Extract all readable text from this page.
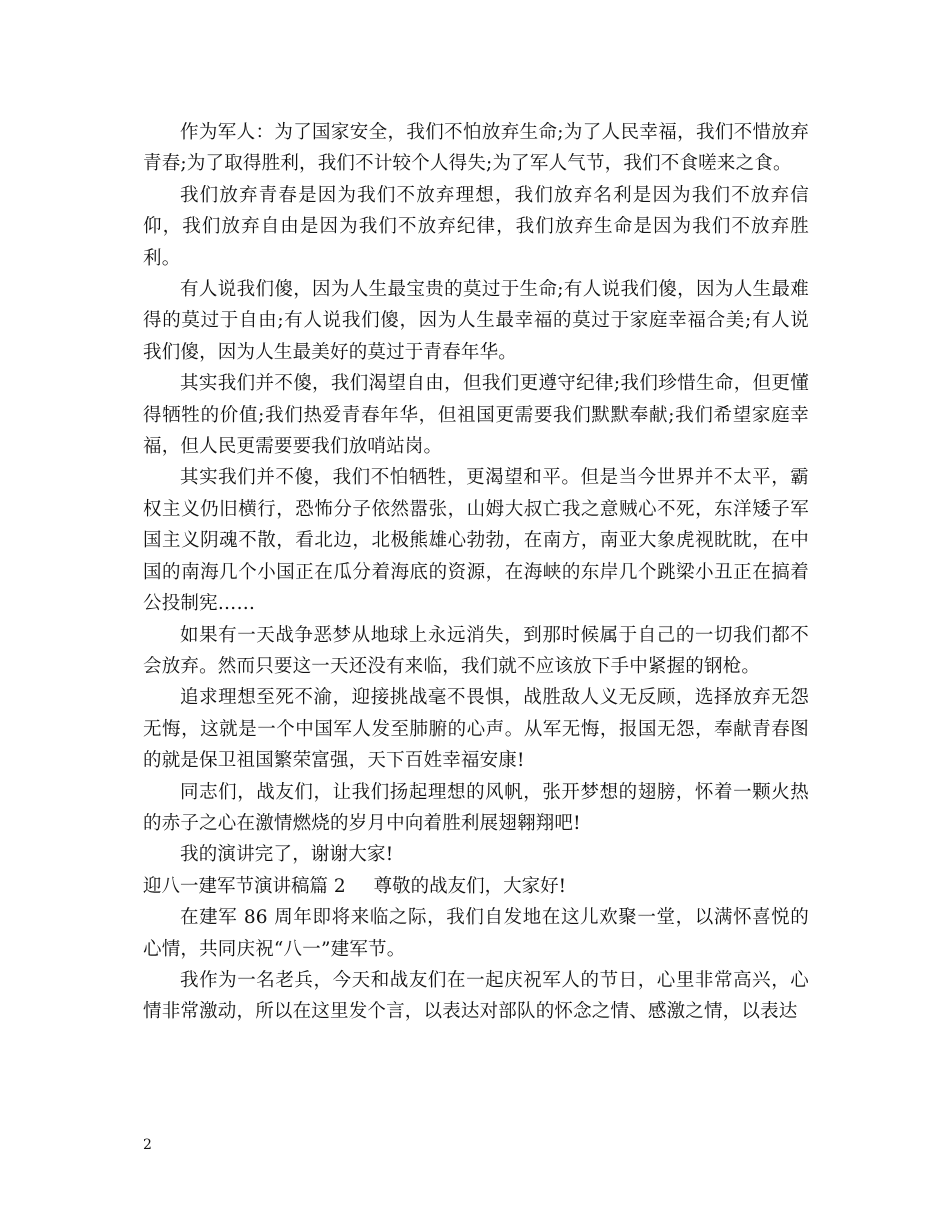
作为军人：为了国家安全，我们不怕放弃生命;为了人民幸福，我们不惜放弃青春;为了取得胜利，我们不计较个人得失;为了军人气节，我们不食嗟来之食。

我们放弃青春是因为我们不放弃理想，我们放弃名利是因为我们不放弃信仰，我们放弃自由是因为我们不放弃纪律，我们放弃生命是因为我们不放弃胜利。

有人说我们傻，因为人生最宝贵的莫过于生命;有人说我们傻，因为人生最难得的莫过于自由;有人说我们傻，因为人生最幸福的莫过于家庭幸福合美;有人说我们傻，因为人生最美好的莫过于青春年华。

其实我们并不傻，我们渴望自由，但我们更遵守纪律;我们珍惜生命，但更懂得牺牲的价值;我们热爱青春年华，但祖国更需要我们默默奉献;我们希望家庭幸福，但人民更需要要我们放哨站岗。

其实我们并不傻，我们不怕牺牲，更渴望和平。但是当今世界并不太平，霸权主义仍旧横行，恐怖分子依然嚣张，山姆大叔亡我之意贼心不死，东洋矮子军国主义阴魂不散，看北边，北极熊雄心勃勃，在南方，南亚大象虎视眈眈，在中国的南海几个小国正在瓜分着海底的资源，在海峡的东岸几个跳梁小丑正在搞着公投制宪……

如果有一天战争恶梦从地球上永远消失，到那时候属于自己的一切我们都不会放弃。然而只要这一天还没有来临，我们就不应该放下手中紧握的钢枪。

追求理想至死不渝，迎接挑战毫不畏惧，战胜敌人义无反顾，选择放弃无怨无悔，这就是一个中国军人发至肺腑的心声。从军无悔，报国无怨，奉献青春图的就是保卫祖国繁荣富强，天下百姓幸福安康!

同志们，战友们，让我们扬起理想的风帆，张开梦想的翅膀，怀着一颗火热的赤子之心在激情燃烧的岁月中向着胜利展翅翱翔吧!

我的演讲完了，谢谢大家!

迎八一建军节演讲稿篇 2 尊敬的战友们，大家好!

在建军 86 周年即将来临之际，我们自发地在这儿欢聚一堂，以满怀喜悦的心情，共同庆祝“八一”建军节。

我作为一名老兵，今天和战友们在一起庆祝军人的节日，心里非常高兴，心情非常激动，所以在这里发个言，以表达对部队的怀念之情、感激之情，以表达

2
